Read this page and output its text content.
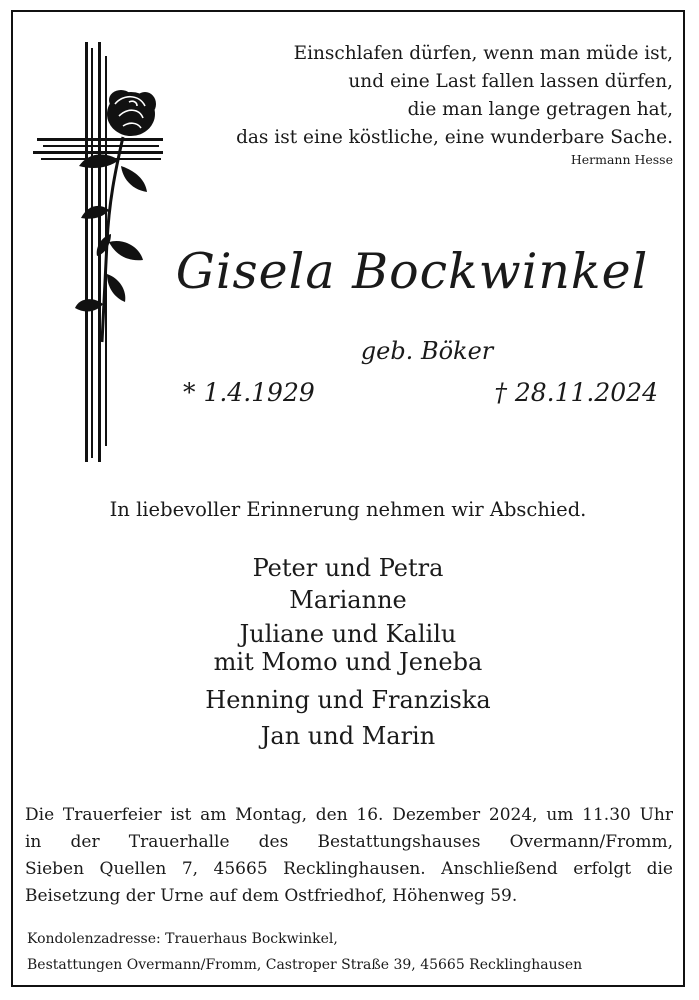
Einschlafen dürfen, wenn man müde ist,
und eine Last fallen lassen dürfen,
die man lange getragen hat,
das ist eine köstliche, eine wunderbare Sache.
Hermann Hesse
Gisela Bockwinkel
geb. Böker
* 1.4.1929	† 28.11.2024
In liebevoller Erinnerung nehmen wir Abschied.
Peter und Petra
Marianne
Juliane und Kalilu
mit Momo und Jeneba
Henning und Franziska
Jan und Marin
Die Trauerfeier ist am Montag, den 16. Dezember 2024, um 11.30 Uhr
in der Trauerhalle des Bestattungshauses Overmann/Fromm,
Sieben Quellen 7, 45665 Recklinghausen. Anschließend erfolgt die
Beisetzung der Urne auf dem Ostfriedhof, Höhenweg 59.
Kondolenzadresse: Trauerhaus Bockwinkel,
Bestattungen Overmann/Fromm, Castroper Straße 39, 45665 Recklinghausen
